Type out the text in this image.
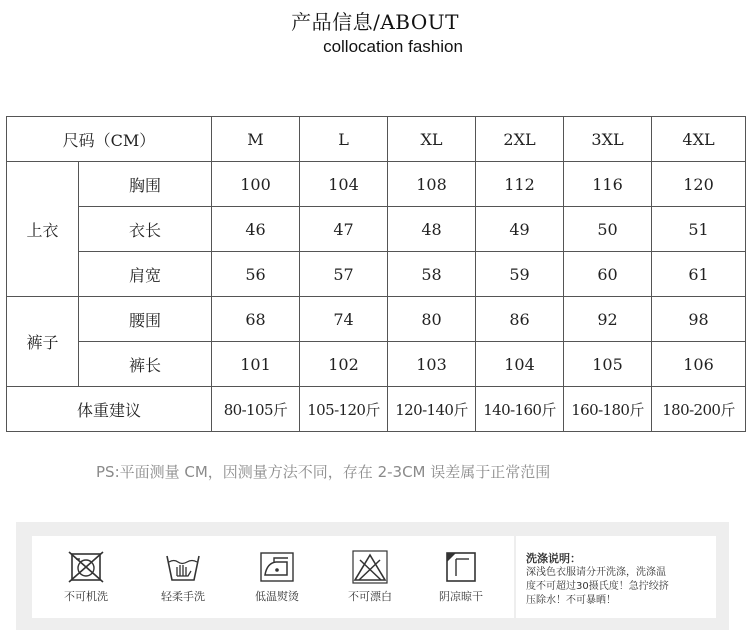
产品信息/ABOUT
collocation fashion
尺码（CM）		M	L	XL	2XL	3XL	4XL
上衣	胸围	100	104	108	112	116	120
	衣长	46	47	48	49	50	51
	肩宽	56	57	58	59	60	61
裤子	腰围	68	74	80	86	92	98
	裤长	101	102	103	104	105	106
体重建议		80-105斤	105-120斤	120-140斤	140-160斤	160-180斤	180-200斤
PS:平面测量 CM，因测量方法不同，存在 2-3CM 误差属于正常范围
不可机洗	轻柔手洗	低温熨烫	不可漂白	阴凉晾干
洗涤说明：
深浅色衣服请分开洗涤，洗涤温
度不可超过30摄氏度！急拧绞挤
压除水！不可暴晒！
